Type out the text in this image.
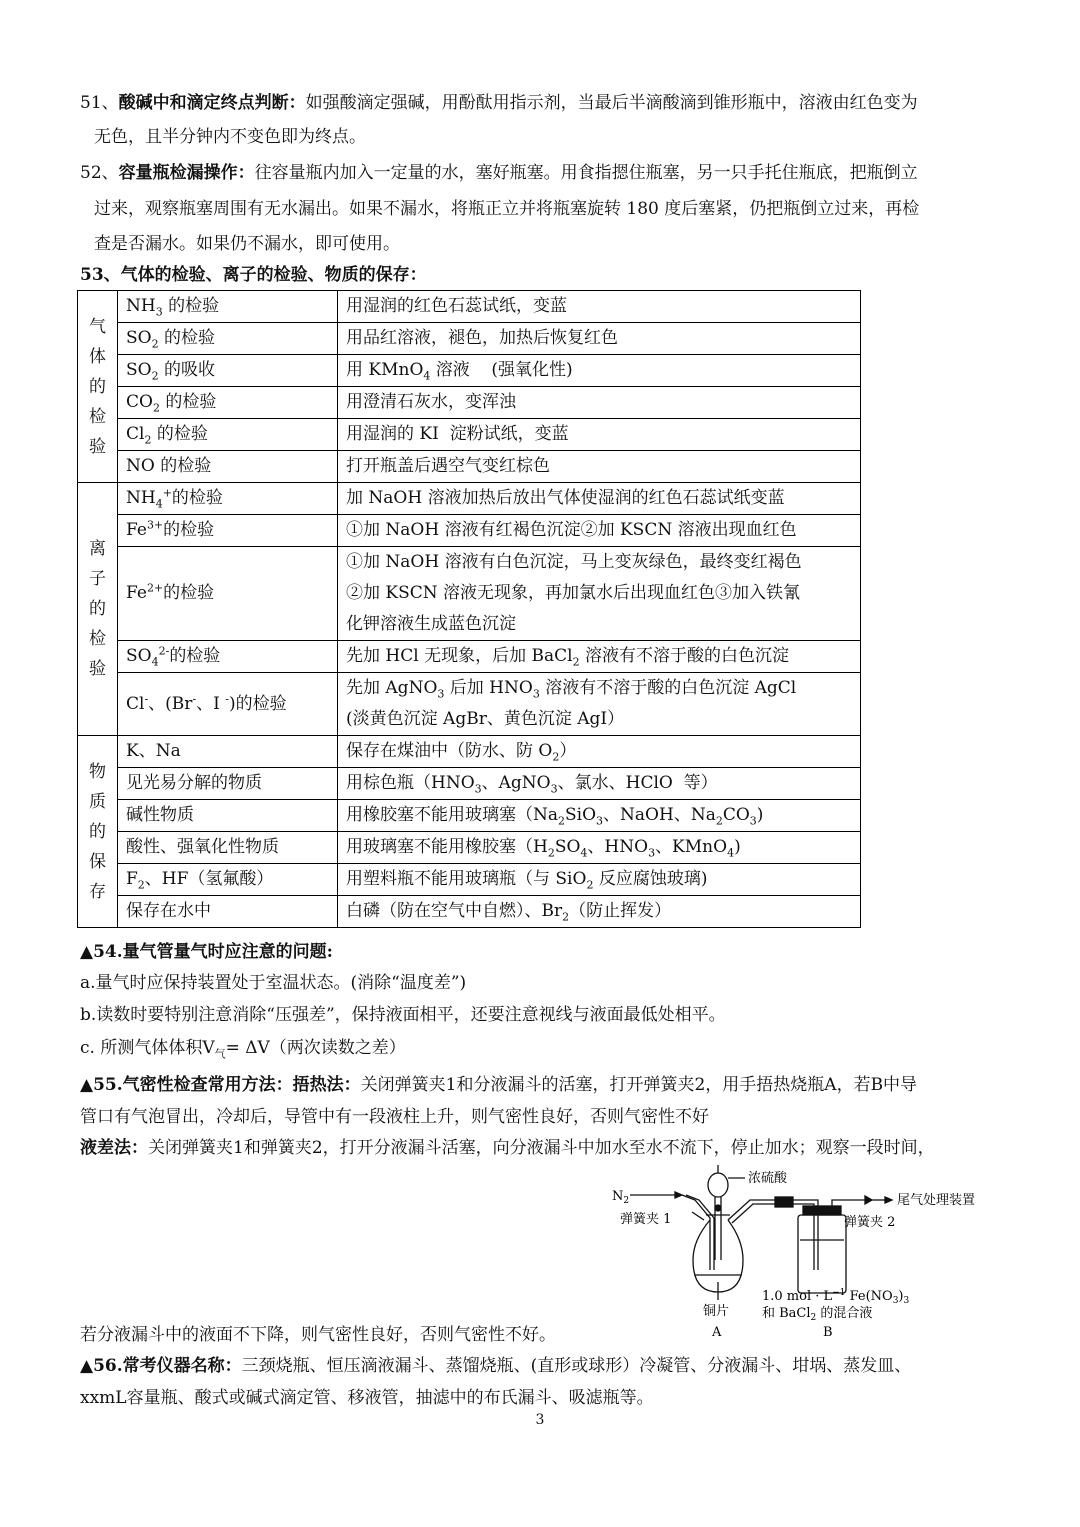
51、酸碱中和滴定终点判断：如强酸滴定强碱，用酚酞用指示剂，当最后半滴酸滴到锥形瓶中，溶液由红色变为
无色，且半分钟内不变色即为终点。
52、容量瓶检漏操作：往容量瓶内加入一定量的水，塞好瓶塞。用食指摁住瓶塞，另一只手托住瓶底，把瓶倒立
过来，观察瓶塞周围有无水漏出。如果不漏水，将瓶正立并将瓶塞旋转 180 度后塞紧，仍把瓶倒立过来，再检
查是否漏水。如果仍不漏水，即可使用。
53、气体的检验、离子的检验、物质的保存：
气
体
的
检
验	$NH_3$ 的检验	用湿润的红色石蕊试纸，变蓝
	$SO_2$ 的检验	用品红溶液，褪色，加热后恢复红色
	$SO_2$ 的吸收	用 KMnO$_4$ 溶液    (强氧化性)
	$CO_2$ 的检验	用澄清石灰水，变浑浊
	$Cl_2$ 的检验	用湿润的 KI  淀粉试纸，变蓝
	NO 的检验	打开瓶盖后遇空气变红棕色

离
子
的
检
验	$NH_4^+$的检验	加 NaOH 溶液加热后放出气体使湿润的红色石蕊试纸变蓝
	$Fe^{3+}$的检验	①加 NaOH 溶液有红褐色沉淀②加 KSCN 溶液出现血红色
	$Fe^{2+}$的检验	①加 NaOH 溶液有白色沉淀，马上变灰绿色，最终变红褐色
②加 KSCN 溶液无现象，再加氯水后出现血红色③加入铁氰
化钾溶液生成蓝色沉淀

	$SO_4^{2-}$的检验	先加 HCl 无现象，后加 BaCl$_2$ 溶液有不溶于酸的白色沉淀
	Cl-、(Br-、I -)的检验	先加 AgNO$_3$ 后加 $HNO_3$ 溶液有不溶于酸的白色沉淀 AgCl
(淡黄色沉淀 AgBr、黄色沉淀 AgI）

物
质
的
保
存	K、Na	保存在煤油中（防水、防 $O_2$）
	见光易分解的物质	用棕色瓶（$HNO_3$、AgNO$_3$、氯水、HClO  等）
	碱性物质	用橡胶塞不能用玻璃塞（$Na_2SiO_3$、NaOH、$Na_2CO_3$)
	酸性、强氧化性物质	用玻璃塞不能用橡胶塞（$H_2SO_4$、$HNO_3$、KMnO$_4$)
	$F_2$、HF（氢氟酸）	用塑料瓶不能用玻璃瓶（与 SiO$_2$ 反应腐蚀玻璃)
	保存在水中	白磷（防在空气中自燃）、$Br_2$（防止挥发）
▲54.量气管量气时应注意的问题:
a.量气时应保持装置处于室温状态。(消除“温度差”)
b.读数时要特别注意消除“压强差”，保持液面相平，还要注意视线与液面最低处相平。
c. 所测气体体积$V_气= \Delta V$（两次读数之差）
▲55.气密性检查常用方法：捂热法：关闭弹簧夹1和分液漏斗的活塞，打开弹簧夹2，用手捂热烧瓶A，若B中导
管口有气泡冒出，冷却后，导管中有一段液柱上升，则气密性良好，否则气密性不好
液差法：关闭弹簧夹1和弹簧夹2，打开分液漏斗活塞，向分液漏斗中加水至水不流下，停止加水；观察一段时间，
若分液漏斗中的液面不下降，则气密性良好，否则气密性不好。
$N_2$
弹簧夹 1
浓硫酸
尾气处理装置
弹簧夹 2
铜片
1.0 mol · $L^{-1}$ $Fe(NO_3)_3$
和 BaCl$_2$ 的混合液
A	B
▲56.常考仪器名称：三颈烧瓶、恒压滴液漏斗、蒸馏烧瓶、(直形或球形）冷凝管、分液漏斗、坩埚、蒸发皿、
xxmL容量瓶、酸式或碱式滴定管、移液管，抽滤中的布氏漏斗、吸滤瓶等。
3
